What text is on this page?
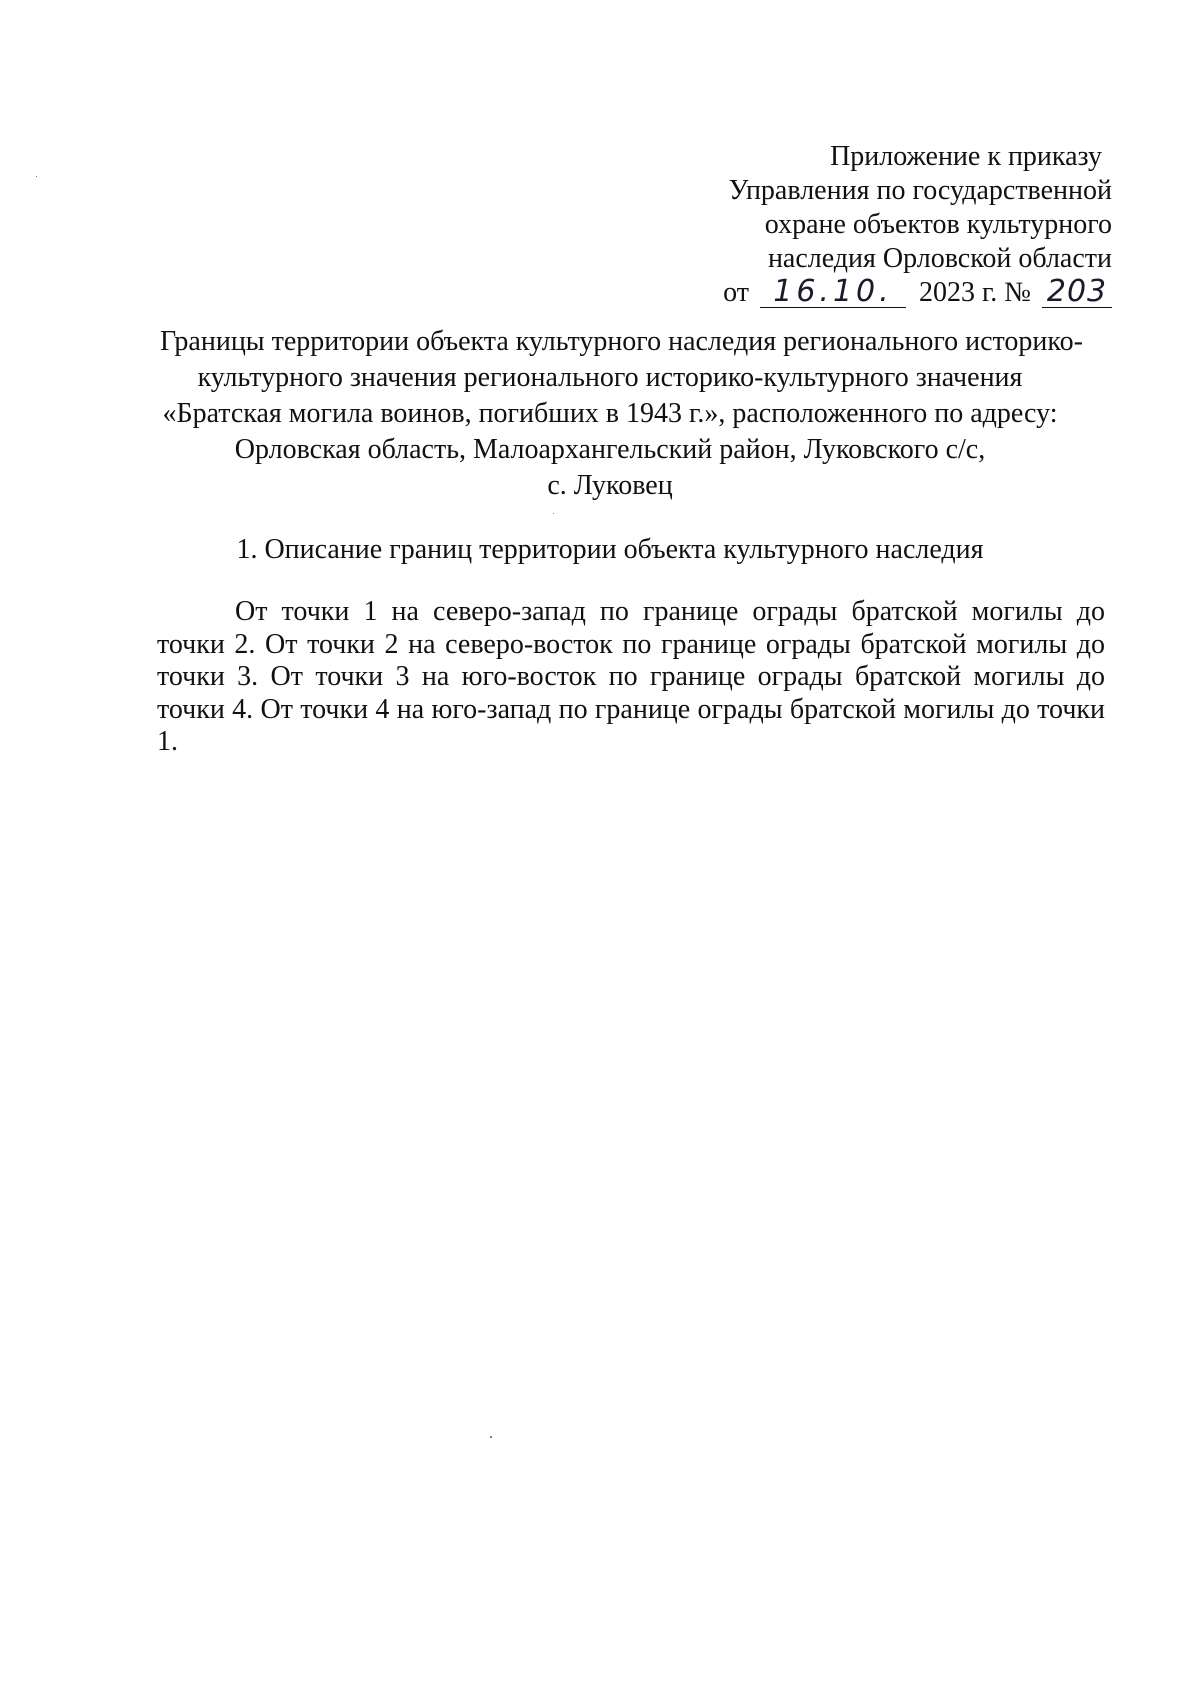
Приложение к приказу
Управления по государственной
охране объектов культурного
наследия Орловской области
от 16.10. 2023 г. № 203
Границы территории объекта культурного наследия регионального историко-
культурного значения регионального историко-культурного значения
«Братская могила воинов, погибших в 1943 г.», расположенного по адресу:
Орловская область, Малоархангельский район, Луковского с/с,
с. Луковец
1. Описание границ территории объекта культурного наследия

От точки 1 на северо-запад по границе ограды братской могилы до точки 2. От точки 2 на северо-восток по границе ограды братской могилы до точки 3. От точки 3 на юго-восток по границе ограды братской могилы до точки 4. От точки 4 на юго-запад по границе ограды братской могилы до точки 1.
